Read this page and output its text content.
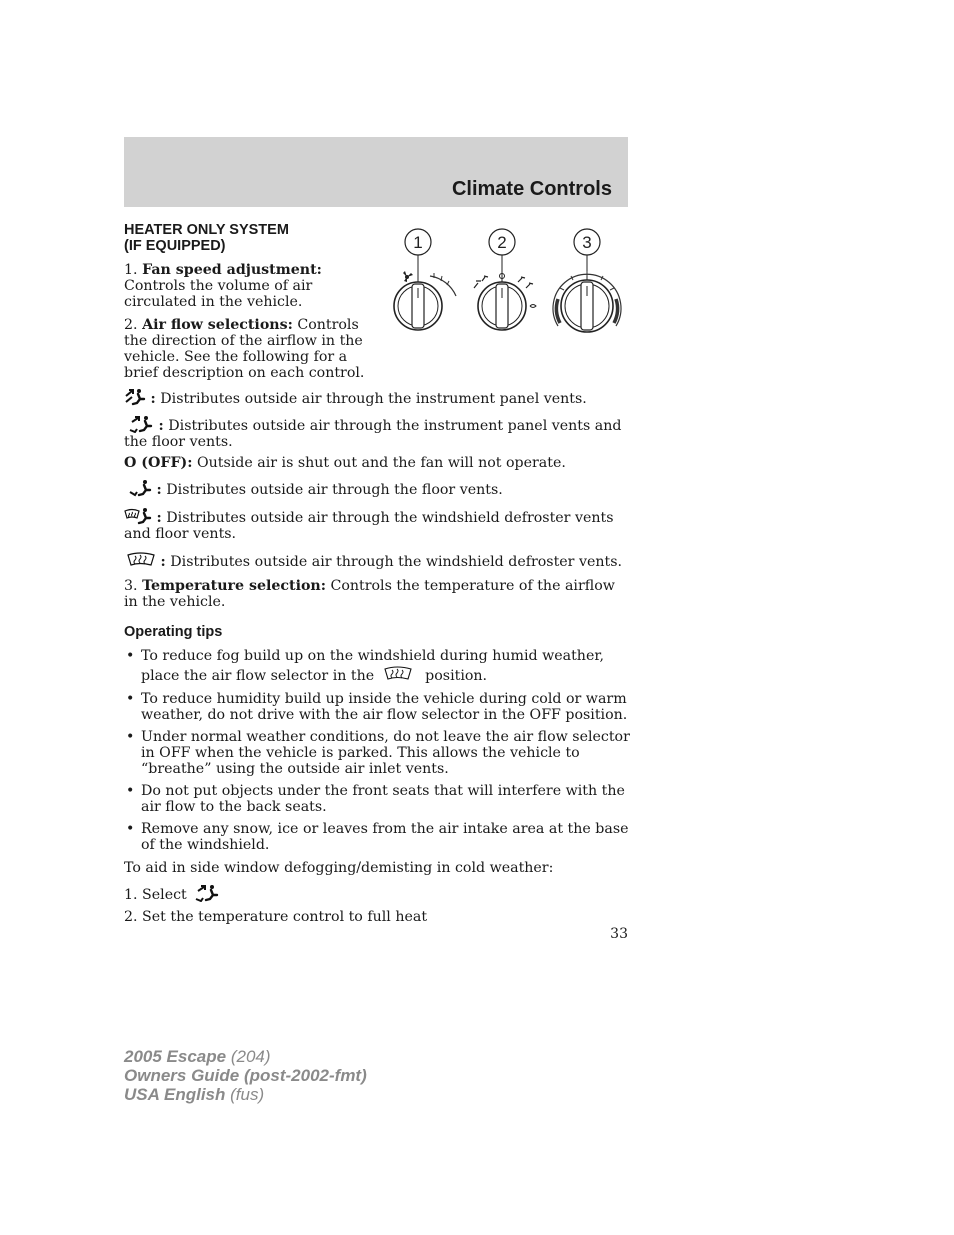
Climate Controls
1	2	3

HEATER ONLY SYSTEM
(IF EQUIPPED)

1. Fan speed adjustment: Controls the volume of air circulated in the vehicle.

2. Air flow selections: Controls the direction of the airflow in the vehicle. See the following for a brief description on each control.

: Distributes outside air through the instrument panel vents.

: Distributes outside air through the instrument panel vents and the floor vents.

O (OFF): Outside air is shut out and the fan will not operate.

: Distributes outside air through the floor vents.

: Distributes outside air through the windshield defroster vents and floor vents.

: Distributes outside air through the windshield defroster vents.

3. Temperature selection: Controls the temperature of the airflow in the vehicle.

Operating tips

• To reduce fog build up on the windshield during humid weather, place the air flow selector in the	position.
• To reduce humidity build up inside the vehicle during cold or warm weather, do not drive with the air flow selector in the OFF position.
• Under normal weather conditions, do not leave the air flow selector in OFF when the vehicle is parked. This allows the vehicle to “breathe” using the outside air inlet vents.
• Do not put objects under the front seats that will interfere with the air flow to the back seats.
• Remove any snow, ice or leaves from the air intake area at the base of the windshield.

To aid in side window defogging/demisting in cold weather:

1. Select

2. Set the temperature control to full heat

33
2005 Escape (204)
Owners Guide (post-2002-fmt)
USA English (fus)
